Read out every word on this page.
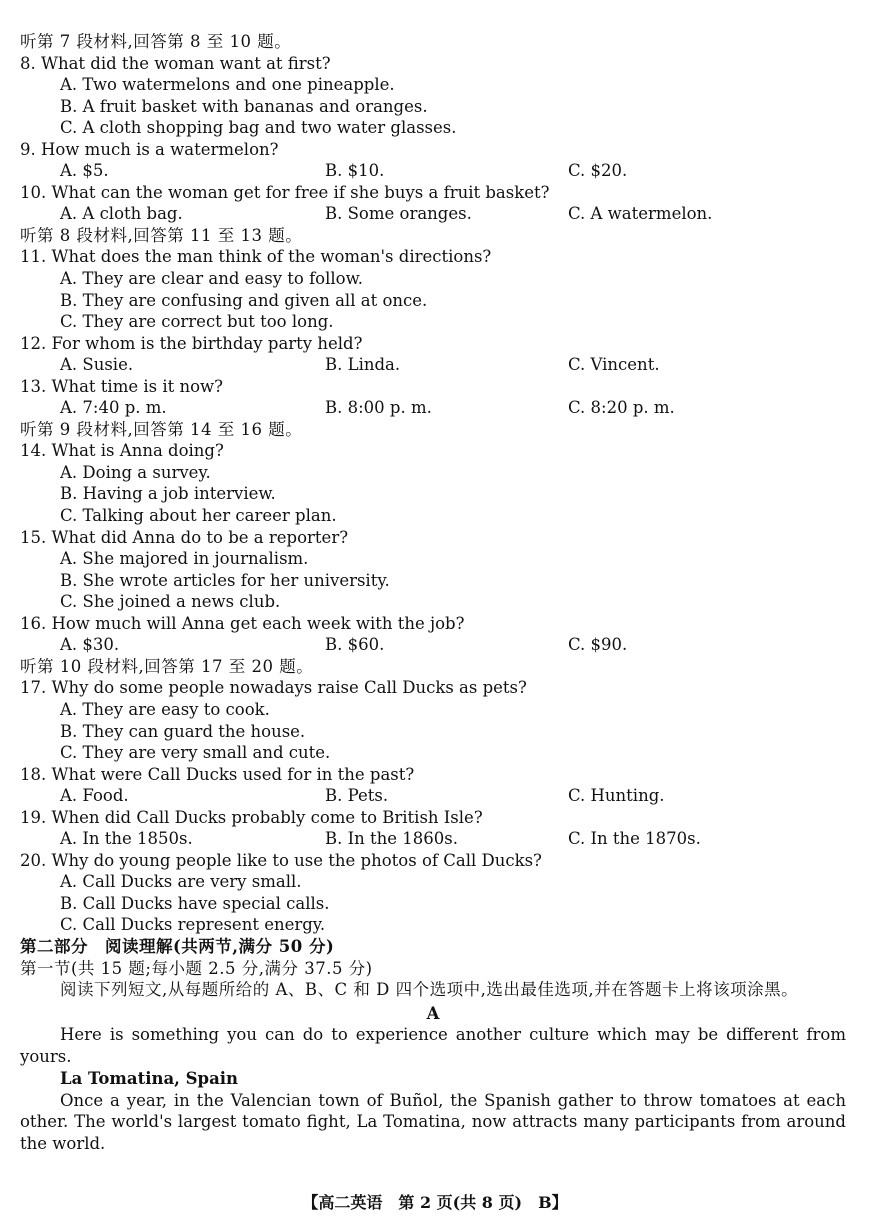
听第 7 段材料,回答第 8 至 10 题。
8. What did the woman want at first?
A. Two watermelons and one pineapple.
B. A fruit basket with bananas and oranges.
C. A cloth shopping bag and two water glasses.
9. How much is a watermelon?
A. $5.	B. $10.	C. $20.
10. What can the woman get for free if she buys a fruit basket?
A. A cloth bag.	B. Some oranges.	C. A watermelon.
听第 8 段材料,回答第 11 至 13 题。
11. What does the man think of the woman's directions?
A. They are clear and easy to follow.
B. They are confusing and given all at once.
C. They are correct but too long.
12. For whom is the birthday party held?
A. Susie.	B. Linda.	C. Vincent.
13. What time is it now?
A. 7:40 p. m.	B. 8:00 p. m.	C. 8:20 p. m.
听第 9 段材料,回答第 14 至 16 题。
14. What is Anna doing?
A. Doing a survey.
B. Having a job interview.
C. Talking about her career plan.
15. What did Anna do to be a reporter?
A. She majored in journalism.
B. She wrote articles for her university.
C. She joined a news club.
16. How much will Anna get each week with the job?
A. $30.	B. $60.	C. $90.
听第 10 段材料,回答第 17 至 20 题。
17. Why do some people nowadays raise Call Ducks as pets?
A. They are easy to cook.
B. They can guard the house.
C. They are very small and cute.
18. What were Call Ducks used for in the past?
A. Food.	B. Pets.	C. Hunting.
19. When did Call Ducks probably come to British Isle?
A. In the 1850s.	B. In the 1860s.	C. In the 1870s.
20. Why do young people like to use the photos of Call Ducks?
A. Call Ducks are very small.
B. Call Ducks have special calls.
C. Call Ducks represent energy.
第二部分　阅读理解(共两节,满分 50 分)
第一节(共 15 题;每小题 2.5 分,满分 37.5 分)
阅读下列短文,从每题所给的 A、B、C 和 D 四个选项中,选出最佳选项,并在答题卡上将该项涂黑。
A
Here is something you can do to experience another culture which may be different from yours.
La Tomatina, Spain
Once a year, in the Valencian town of Buñol, the Spanish gather to throw tomatoes at each other. The world's largest tomato fight, La Tomatina, now attracts many participants from around the world.
【高二英语　第 2 页(共 8 页)　B】
